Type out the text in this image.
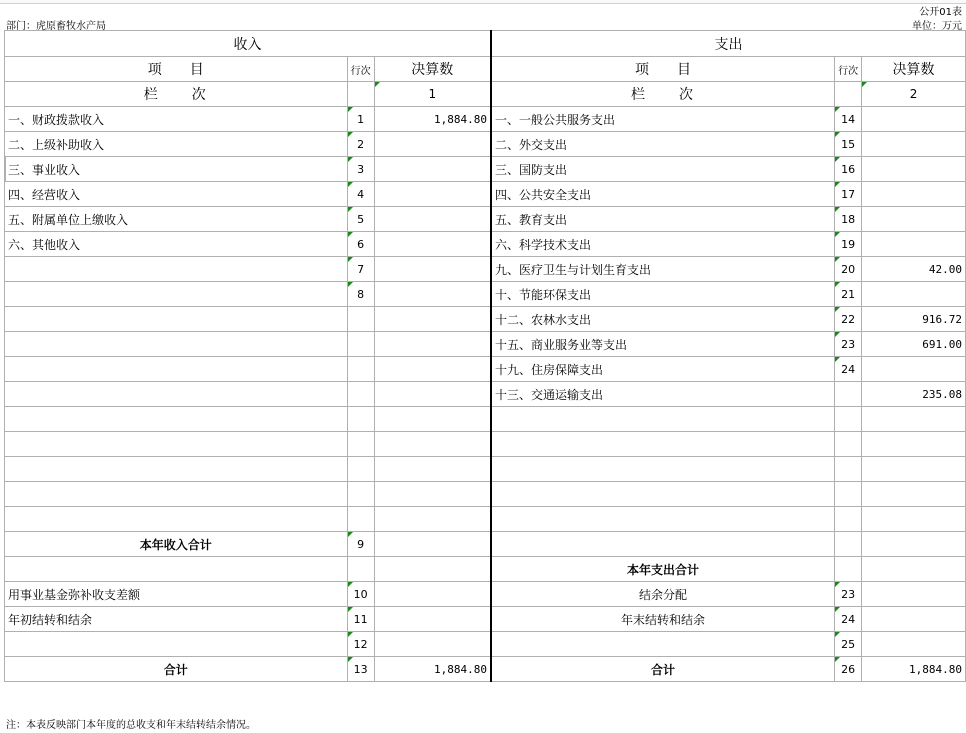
公开01表
部门：虎原畜牧水产局	单位：万元
收入			支出		
项　　目	行次	决算数	项　　目	行次	决算数
栏　　次		1	栏　　次		2
一、财政拨款收入	1	1,884.80	一、一般公共服务支出	14	
二、上级补助收入	2		二、外交支出	15	
三、事业收入	3		三、国防支出	16	
四、经营收入	4		四、公共安全支出	17	
五、附属单位上缴收入	5		五、教育支出	18	
六、其他收入	6		六、科学技术支出	19	
	7		九、医疗卫生与计划生育支出	20	42.00
	8		十、节能环保支出	21	
			十二、农林水支出	22	916.72
			十五、商业服务业等支出	23	691.00
			十九、住房保障支出	24	
			十三、交通运输支出		235.08

本年收入合计	9				
			本年支出合计		
用事业基金弥补收支差额	10		结余分配	23	
年初结转和结余	11		年末结转和结余	24	
	12			25	
合计	13	1,884.80	合计	26	1,884.80
注：本表反映部门本年度的总收支和年末结转结余情况。
